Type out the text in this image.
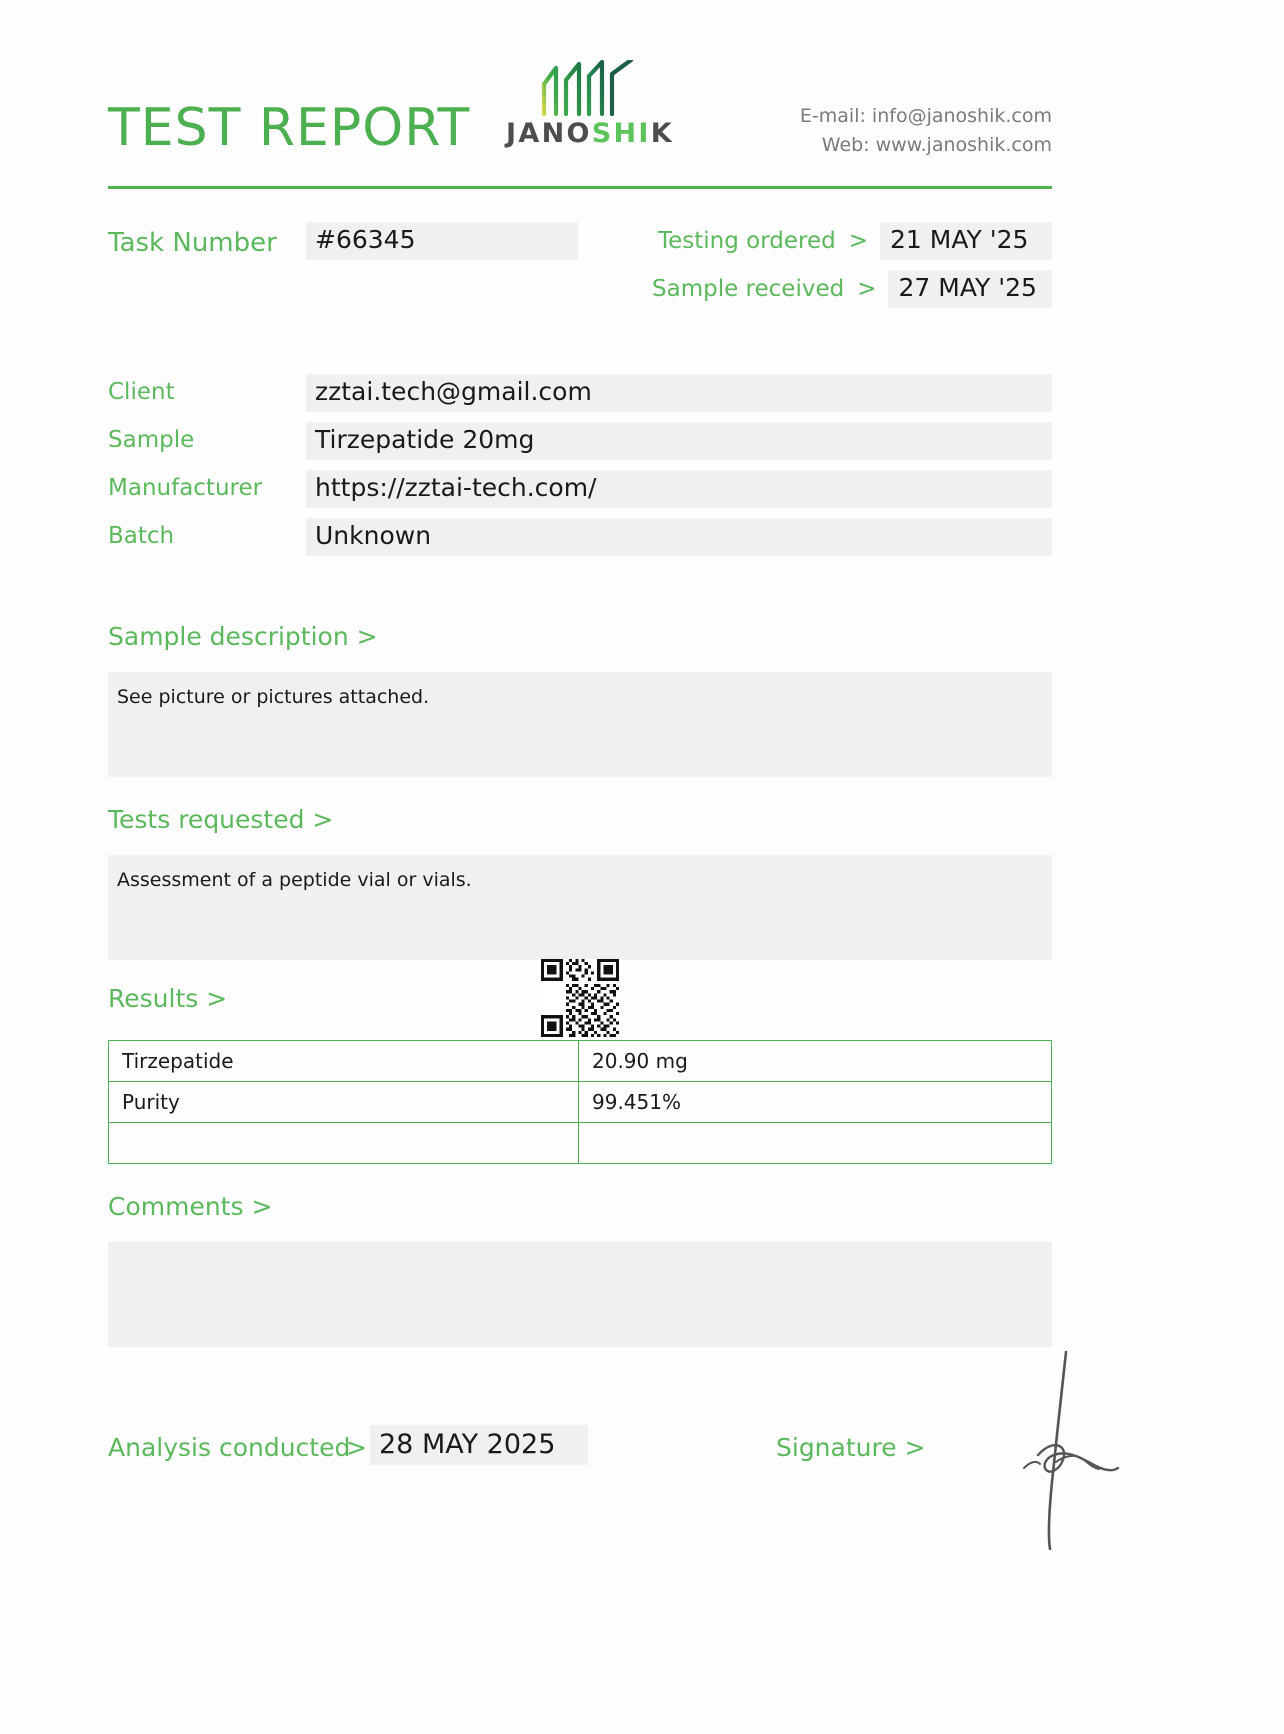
TEST REPORT JANOSHIK
E-mail: info@janoshik.com
Web: www.janoshik.com
Task Number	#66345	Testing ordered > 21 MAY '25
Sample received > 27 MAY '25
Client	zztai.tech@gmail.com
Sample	Tirzepatide 20mg
Manufacturer	https://zztai-tech.com/
Batch	Unknown
Sample description >
See picture or pictures attached.
Tests requested >
Assessment of a peptide vial or vials.
Results >
Tirzepatide	20.90 mg
Purity	99.451%

Comments >
Analysis conducted
> 28 MAY 2025	Signature >
